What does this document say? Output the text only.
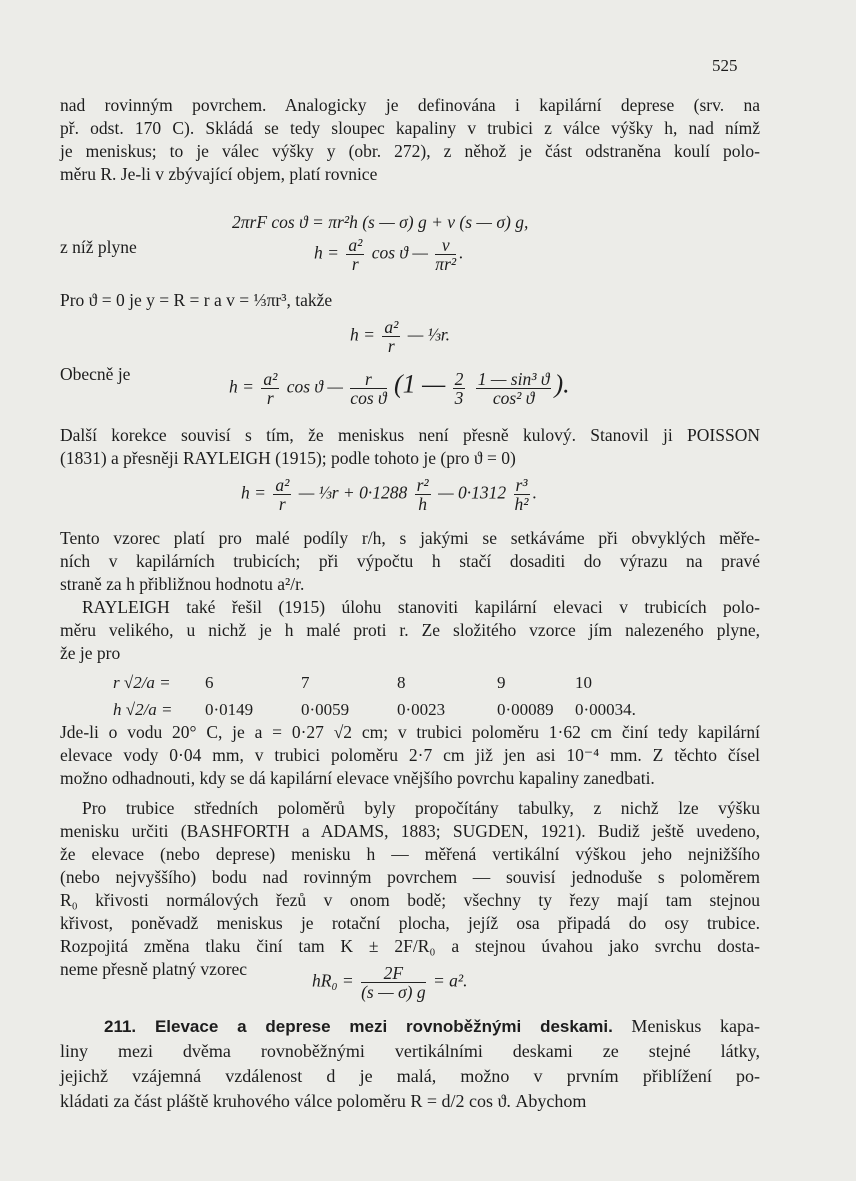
525
nad rovinným povrchem. Analogicky je definována i kapilární deprese (srv. na
př. odst. 170 C). Skládá se tedy sloupec kapaliny v trubici z válce výšky h, nad nímž
je meniskus; to je válec výšky y (obr. 272), z něhož je část odstraněna koulí polo-
měru R. Je-li v zbývající objem, platí rovnice
2πrF cos ϑ = πr²h (s — σ) g + v (s — σ) g,
z níž plyne	$h = \frac{\text{a²}}{r}$ cos ϑ — $\frac{v}{\text{πr²}}$ .
Pro ϑ = 0 je y = R = r a v = ⅓πr³, takže
$h = \frac{\text{a²}}{r}$ — ⅓r.
Obecně je
$h = \frac{\text{a²}}{r}$ cos ϑ — $\frac{r}{\text{cos ϑ}} (1$ — $\frac{2}{3}$
$\frac{\text{1 — sin³ ϑ}}{\text{cos² ϑ}}$ ).
Další korekce souvisí s tím, že meniskus není přesně kulový. Stanovil ji POISSON
(1831) a přesněji RAYLEIGH (1915); podle tohoto je (pro ϑ = 0)
$h = \frac{\text{a²}}{r}$ — ⅓r + $0\cdot 1288 \frac{\text{r²}}{h}$ — $0\cdot 1312 \frac{\text{r³}}{\text{h²}}$ .
Tento vzorec platí pro malé podíly r/h, s jakými se setkáváme při obvyklých měře-
ních v kapilárních trubicích; při výpočtu h stačí dosaditi do výrazu na pravé
straně za h přibližnou hodnotu a²/r.
RAYLEIGH také řešil (1915) úlohu stanoviti kapilární elevaci v trubicích polo-
měru velikého, u nichž je h malé proti r. Ze složitého vzorce jím nalezeného plyne,
že je pro
r √2/a =	6	7	8	9	10
h √2/a =	0·0149	0·0059	0·0023	0·00089	0·00034.
Jde-li o vodu 20° C, je a = 0·27 √2 cm; v trubici poloměru 1·62 cm činí tedy kapilární
elevace vody 0·04 mm, v trubici poloměru 2·7 cm již jen asi 10⁻⁴ mm. Z těchto čísel
možno odhadnouti, kdy se dá kapilární elevace vnějšího povrchu kapaliny zanedbati.
Pro trubice středních poloměrů byly propočítány tabulky, z nichž lze výšku
menisku určiti (BASHFORTH a ADAMS, 1883; SUGDEN, 1921). Budiž ještě uvedeno,
že elevace (nebo deprese) menisku h — měřená vertikální výškou jeho nejnižšího
(nebo nejvyššího) bodu nad rovinným povrchem — souvisí jednoduše s poloměrem
R₀ křivosti normálových řezů v onom bodě; všechny ty řezy mají tam stejnou
křivost, poněvadž meniskus je rotační plocha, jejíž osa připadá do osy trubice.
Rozpojitá změna tlaku činí tam K ± 2F/R₀ a stejnou úvahou jako svrchu dosta-
neme přesně platný vzorec
$hR_0 = \frac{2F}{(s — \sigma) g} = a^2$.
211. Elevace a deprese mezi rovnoběžnými deskami. Meniskus kapa-
liny mezi dvěma rovnoběžnými vertikálními deskami ze stejné látky,
jejichž vzájemná vzdálenost d je malá, možno v prvním přiblížení po-
kládati za část pláště kruhového válce poloměru R = d/2 cos ϑ. Abychom
